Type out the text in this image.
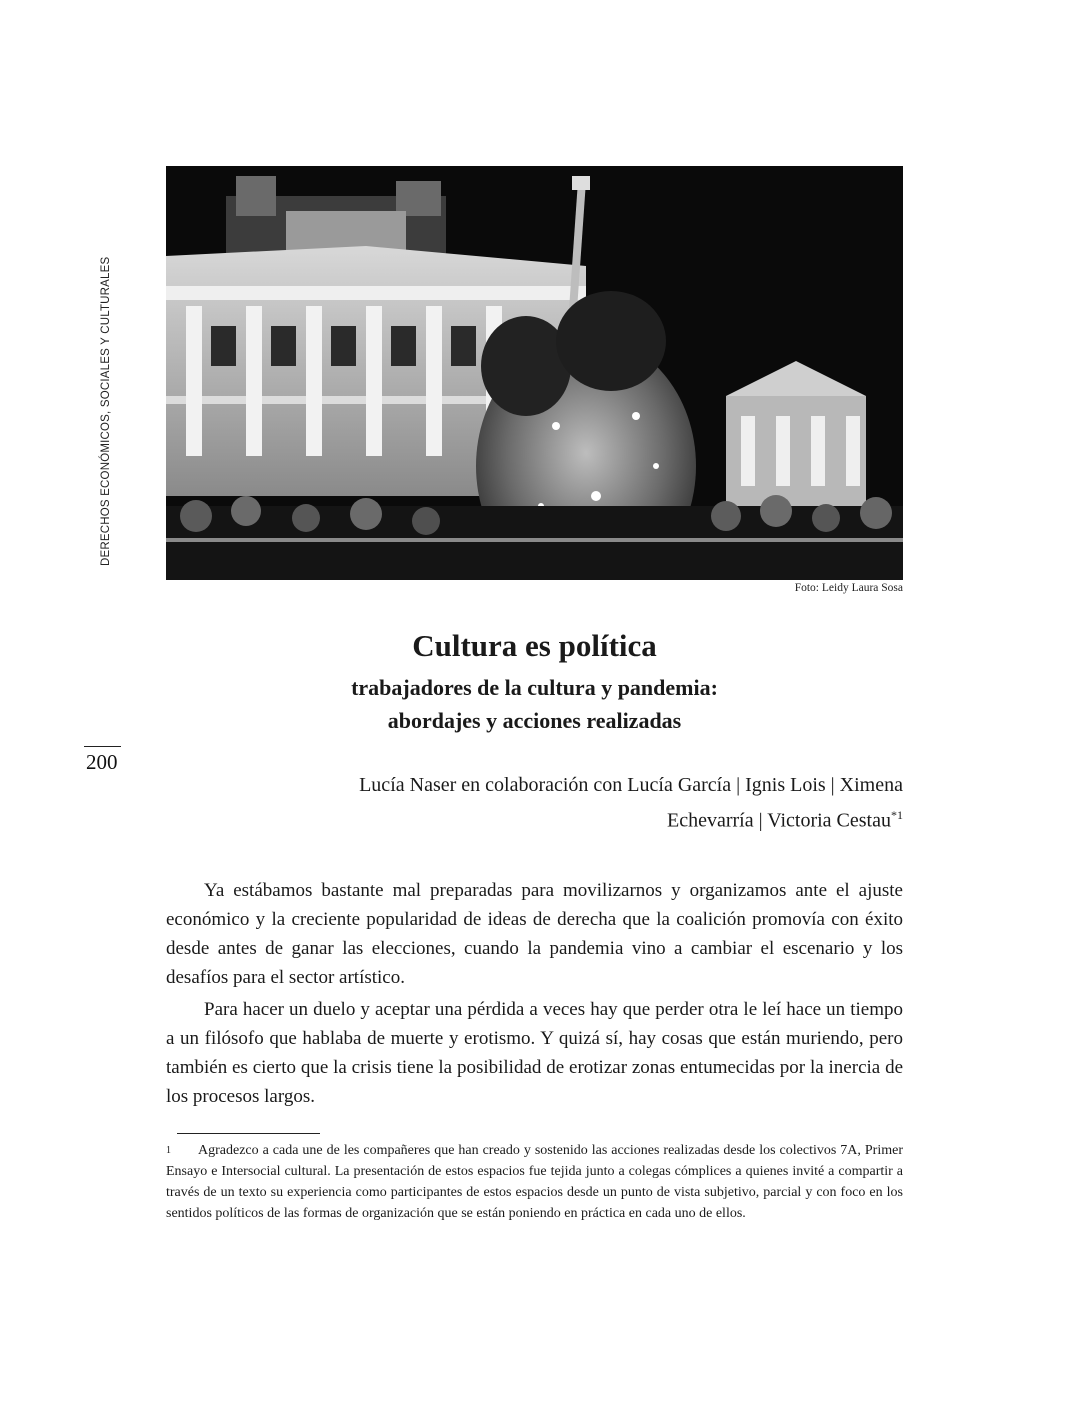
DERECHOS ECONÓMICOS, SOCIALES Y CULTURALES
200
Foto: Leidy Laura Sosa
Cultura es política
trabajadores de la cultura y pandemia:
abordajes y acciones realizadas
Lucía Naser en colaboración con Lucía García | Ignis Lois | Ximena
Echevarría | Victoria Cestau$^{*1}$
Ya estábamos bastante mal preparadas para movilizarnos y organizamos ante el ajuste económico y la creciente popularidad de ideas de derecha que la coalición promovía con éxito desde antes de ganar las elecciones, cuando la pandemia vino a cambiar el escenario y los desafíos para el sector artístico.
Para hacer un duelo y aceptar una pérdida a veces hay que perder otra le leí hace un tiempo a un filósofo que hablaba de muerte y erotismo. Y quizá sí, hay cosas que están muriendo, pero también es cierto que la crisis tiene la posibilidad de erotizar zonas entumecidas por la inercia de los procesos largos.
1 Agradezco a cada une de les compañeres que han creado y sostenido las acciones realizadas desde los colectivos 7A, Primer Ensayo e Intersocial cultural. La presentación de estos espacios fue tejida junto a colegas cómplices a quienes invité a compartir a través de un texto su experiencia como participantes de estos espacios desde un punto de vista subjetivo, parcial y con foco en los sentidos políticos de las formas de organización que se están poniendo en práctica en cada uno de ellos.
